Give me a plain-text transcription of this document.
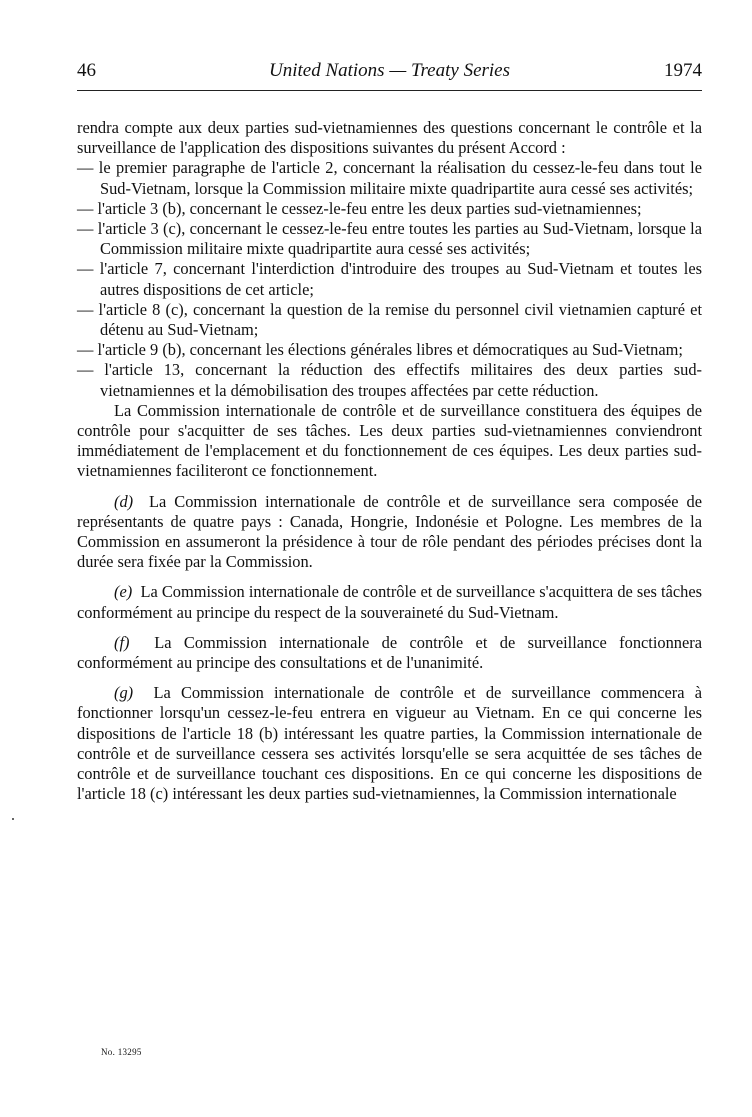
46	United Nations — Treaty Series	1974

rendra compte aux deux parties sud-vietnamiennes des questions concernant le contrôle et la surveillance de l'application des dispositions suivantes du présent Accord :

— le premier paragraphe de l'article 2, concernant la réalisation du cessez-le-feu dans tout le Sud-Vietnam, lorsque la Commission militaire mixte quadripartite aura cessé ses activités;

— l'article 3 (b), concernant le cessez-le-feu entre les deux parties sud-vietnamiennes;

— l'article 3 (c), concernant le cessez-le-feu entre toutes les parties au Sud-Vietnam, lorsque la Commission militaire mixte quadripartite aura cessé ses activités;

— l'article 7, concernant l'interdiction d'introduire des troupes au Sud-Vietnam et toutes les autres dispositions de cet article;

— l'article 8 (c), concernant la question de la remise du personnel civil vietnamien capturé et détenu au Sud-Vietnam;

— l'article 9 (b), concernant les élections générales libres et démocratiques au Sud-Vietnam;

— l'article 13, concernant la réduction des effectifs militaires des deux parties sud-vietnamiennes et la démobilisation des troupes affectées par cette réduction.

La Commission internationale de contrôle et de surveillance constituera des équipes de contrôle pour s'acquitter de ses tâches. Les deux parties sud-vietnamiennes conviendront immédiatement de l'emplacement et du fonctionnement de ces équipes. Les deux parties sud-vietnamiennes faciliteront ce fonctionnement.

(d) La Commission internationale de contrôle et de surveillance sera composée de représentants de quatre pays : Canada, Hongrie, Indonésie et Pologne. Les membres de la Commission en assumeront la présidence à tour de rôle pendant des périodes précises dont la durée sera fixée par la Commission.

(e) La Commission internationale de contrôle et de surveillance s'acquittera de ses tâches conformément au principe du respect de la souveraineté du Sud-Vietnam.

(f) La Commission internationale de contrôle et de surveillance fonctionnera conformément au principe des consultations et de l'unanimité.

(g) La Commission internationale de contrôle et de surveillance commencera à fonctionner lorsqu'un cessez-le-feu entrera en vigueur au Vietnam. En ce qui concerne les dispositions de l'article 18 (b) intéressant les quatre parties, la Commission internationale de contrôle et de surveillance cessera ses activités lorsqu'elle se sera acquittée de ses tâches de contrôle et de surveillance touchant ces dispositions. En ce qui concerne les dispositions de l'article 18 (c) intéressant les deux parties sud-vietnamiennes, la Commission internationale

No. 13295
